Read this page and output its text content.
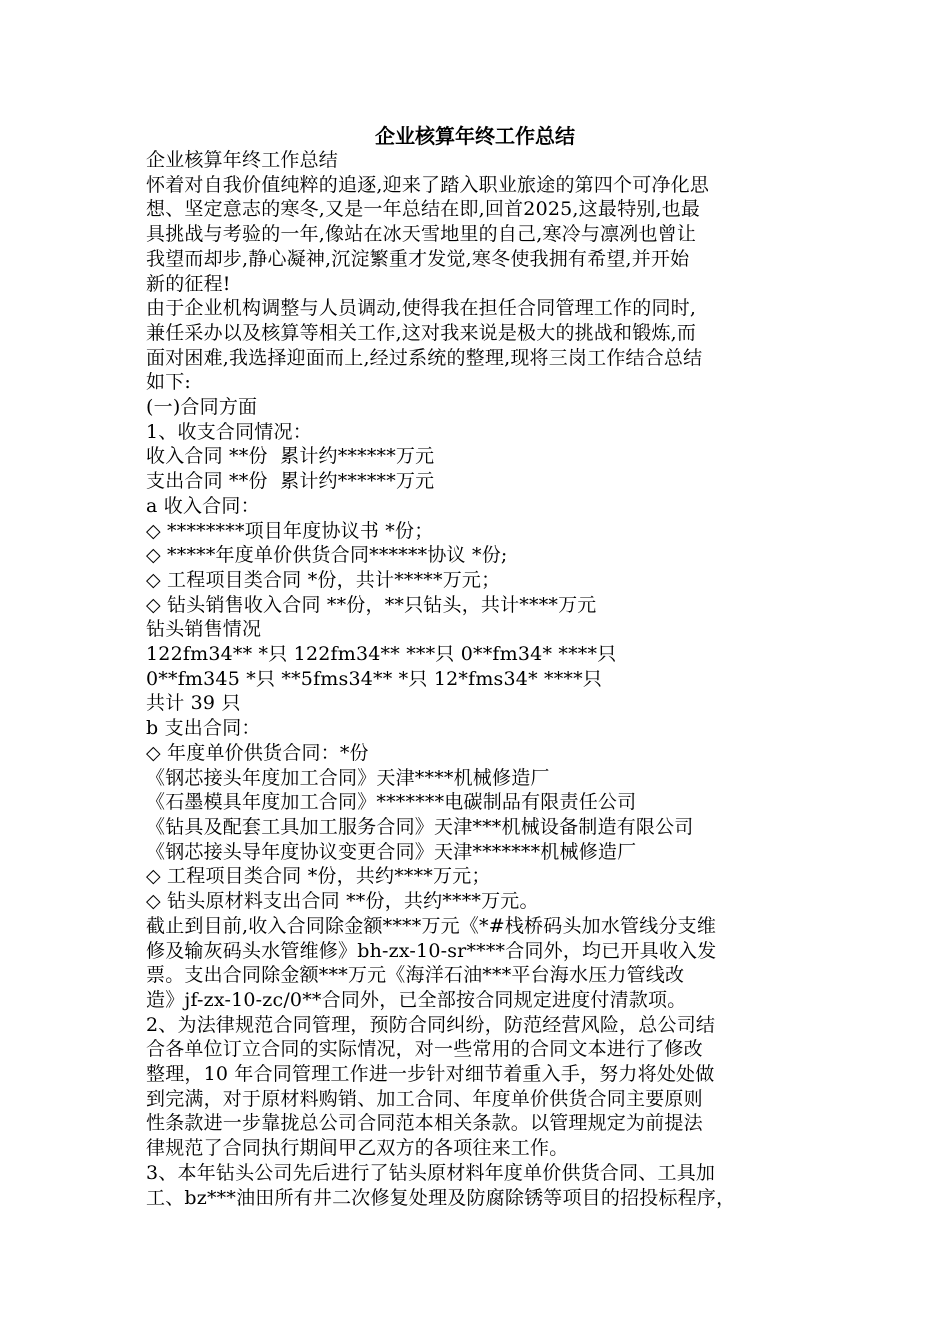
企业核算年终工作总结
企业核算年终工作总结
怀着对自我价值纯粹的追逐,迎来了踏入职业旅途的第四个可净化思
想、坚定意志的寒冬,又是一年总结在即,回首2025,这最特别,也最
具挑战与考验的一年,像站在冰天雪地里的自己,寒冷与凛冽也曾让
我望而却步,静心凝神,沉淀繁重才发觉,寒冬使我拥有希望,并开始
新的征程!
由于企业机构调整与人员调动,使得我在担任合同管理工作的同时,
兼任采办以及核算等相关工作,这对我来说是极大的挑战和锻炼,而
面对困难,我选择迎面而上,经过系统的整理,现将三岗工作结合总结
如下:
(一)合同方面
1、收支合同情况：
收入合同 **份  累计约******万元
支出合同 **份  累计约******万元
a 收入合同：
◇ ********项目年度协议书 *份；
◇ *****年度单价供货合同******协议 *份;
◇ 工程项目类合同 *份，共计*****万元；
◇ 钻头销售收入合同 **份，**只钻头，共计****万元
钻头销售情况
122fm34** *只 122fm34** ***只 0**fm34* ****只
0**fm345 *只 **5fms34** *只 12*fms34* ****只
共计 39 只
b 支出合同：
◇ 年度单价供货合同：*份
《钢芯接头年度加工合同》天津****机械修造厂
《石墨模具年度加工合同》*******电碳制品有限责任公司
《钻具及配套工具加工服务合同》天津***机械设备制造有限公司
《钢芯接头导年度协议变更合同》天津*******机械修造厂
◇ 工程项目类合同 *份，共约****万元；
◇ 钻头原材料支出合同 **份，共约****万元。
截止到目前,收入合同除金额****万元《*#栈桥码头加水管线分支维
修及输灰码头水管维修》bh-zx-10-sr****合同外，均已开具收入发
票。支出合同除金额***万元《海洋石油***平台海水压力管线改
造》jf-zx-10-zc/0**合同外，已全部按合同规定进度付清款项。
2、为法律规范合同管理，预防合同纠纷，防范经营风险，总公司结
合各单位订立合同的实际情况，对一些常用的合同文本进行了修改
整理，10 年合同管理工作进一步针对细节着重入手，努力将处处做
到完满，对于原材料购销、加工合同、年度单价供货合同主要原则
性条款进一步靠拢总公司合同范本相关条款。以管理规定为前提法
律规范了合同执行期间甲乙双方的各项往来工作。
3、本年钻头公司先后进行了钻头原材料年度单价供货合同、工具加
工、bz***油田所有井二次修复处理及防腐除锈等项目的招投标程序，
